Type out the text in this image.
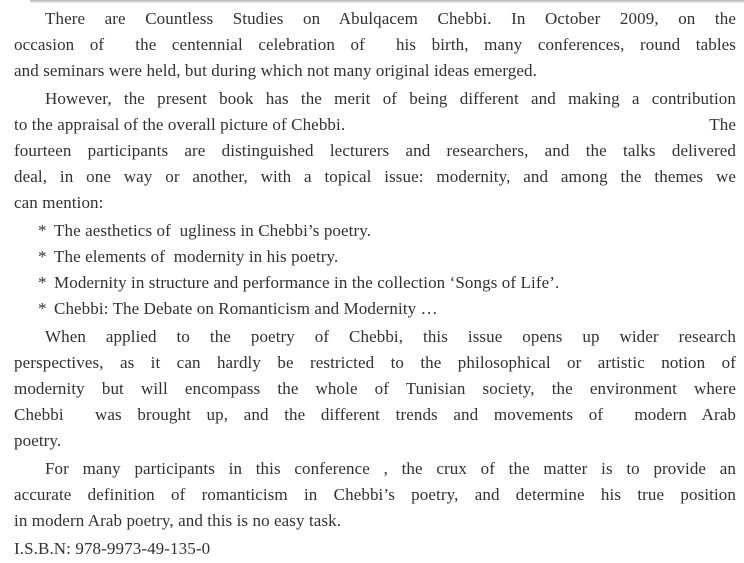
There are Countless Studies on Abulqacem Chebbi. In October 2009, on the
occasion of  the centennial celebration of  his birth, many conferences, round tables
and seminars were held, but during which not many original ideas emerged.
However, the present book has the merit of being different and making a contribution
to the appraisal of the overall picture of Chebbi.	The
fourteen participants are distinguished lecturers and researchers, and the talks delivered
deal, in one way or another, with a topical issue: modernity, and among the themes we
can mention:
* The aesthetics of  ugliness in Chebbi’s poetry.
* The elements of  modernity in his poetry.
* Modernity in structure and performance in the collection ‘Songs of Life’.
* Chebbi: The Debate on Romanticism and Modernity …
When applied to the poetry of Chebbi, this issue opens up wider research
perspectives, as it can hardly be restricted to the philosophical or artistic notion of
modernity but will encompass the whole of Tunisian society, the environment where
Chebbi  was brought up, and the different trends and movements of  modern Arab
poetry.
For many participants in this conference , the crux of the matter is to provide an
accurate definition of romanticism in Chebbi’s poetry, and determine his true position
in modern Arab poetry, and this is no easy task.
I.S.B.N: 978-9973-49-135-0
